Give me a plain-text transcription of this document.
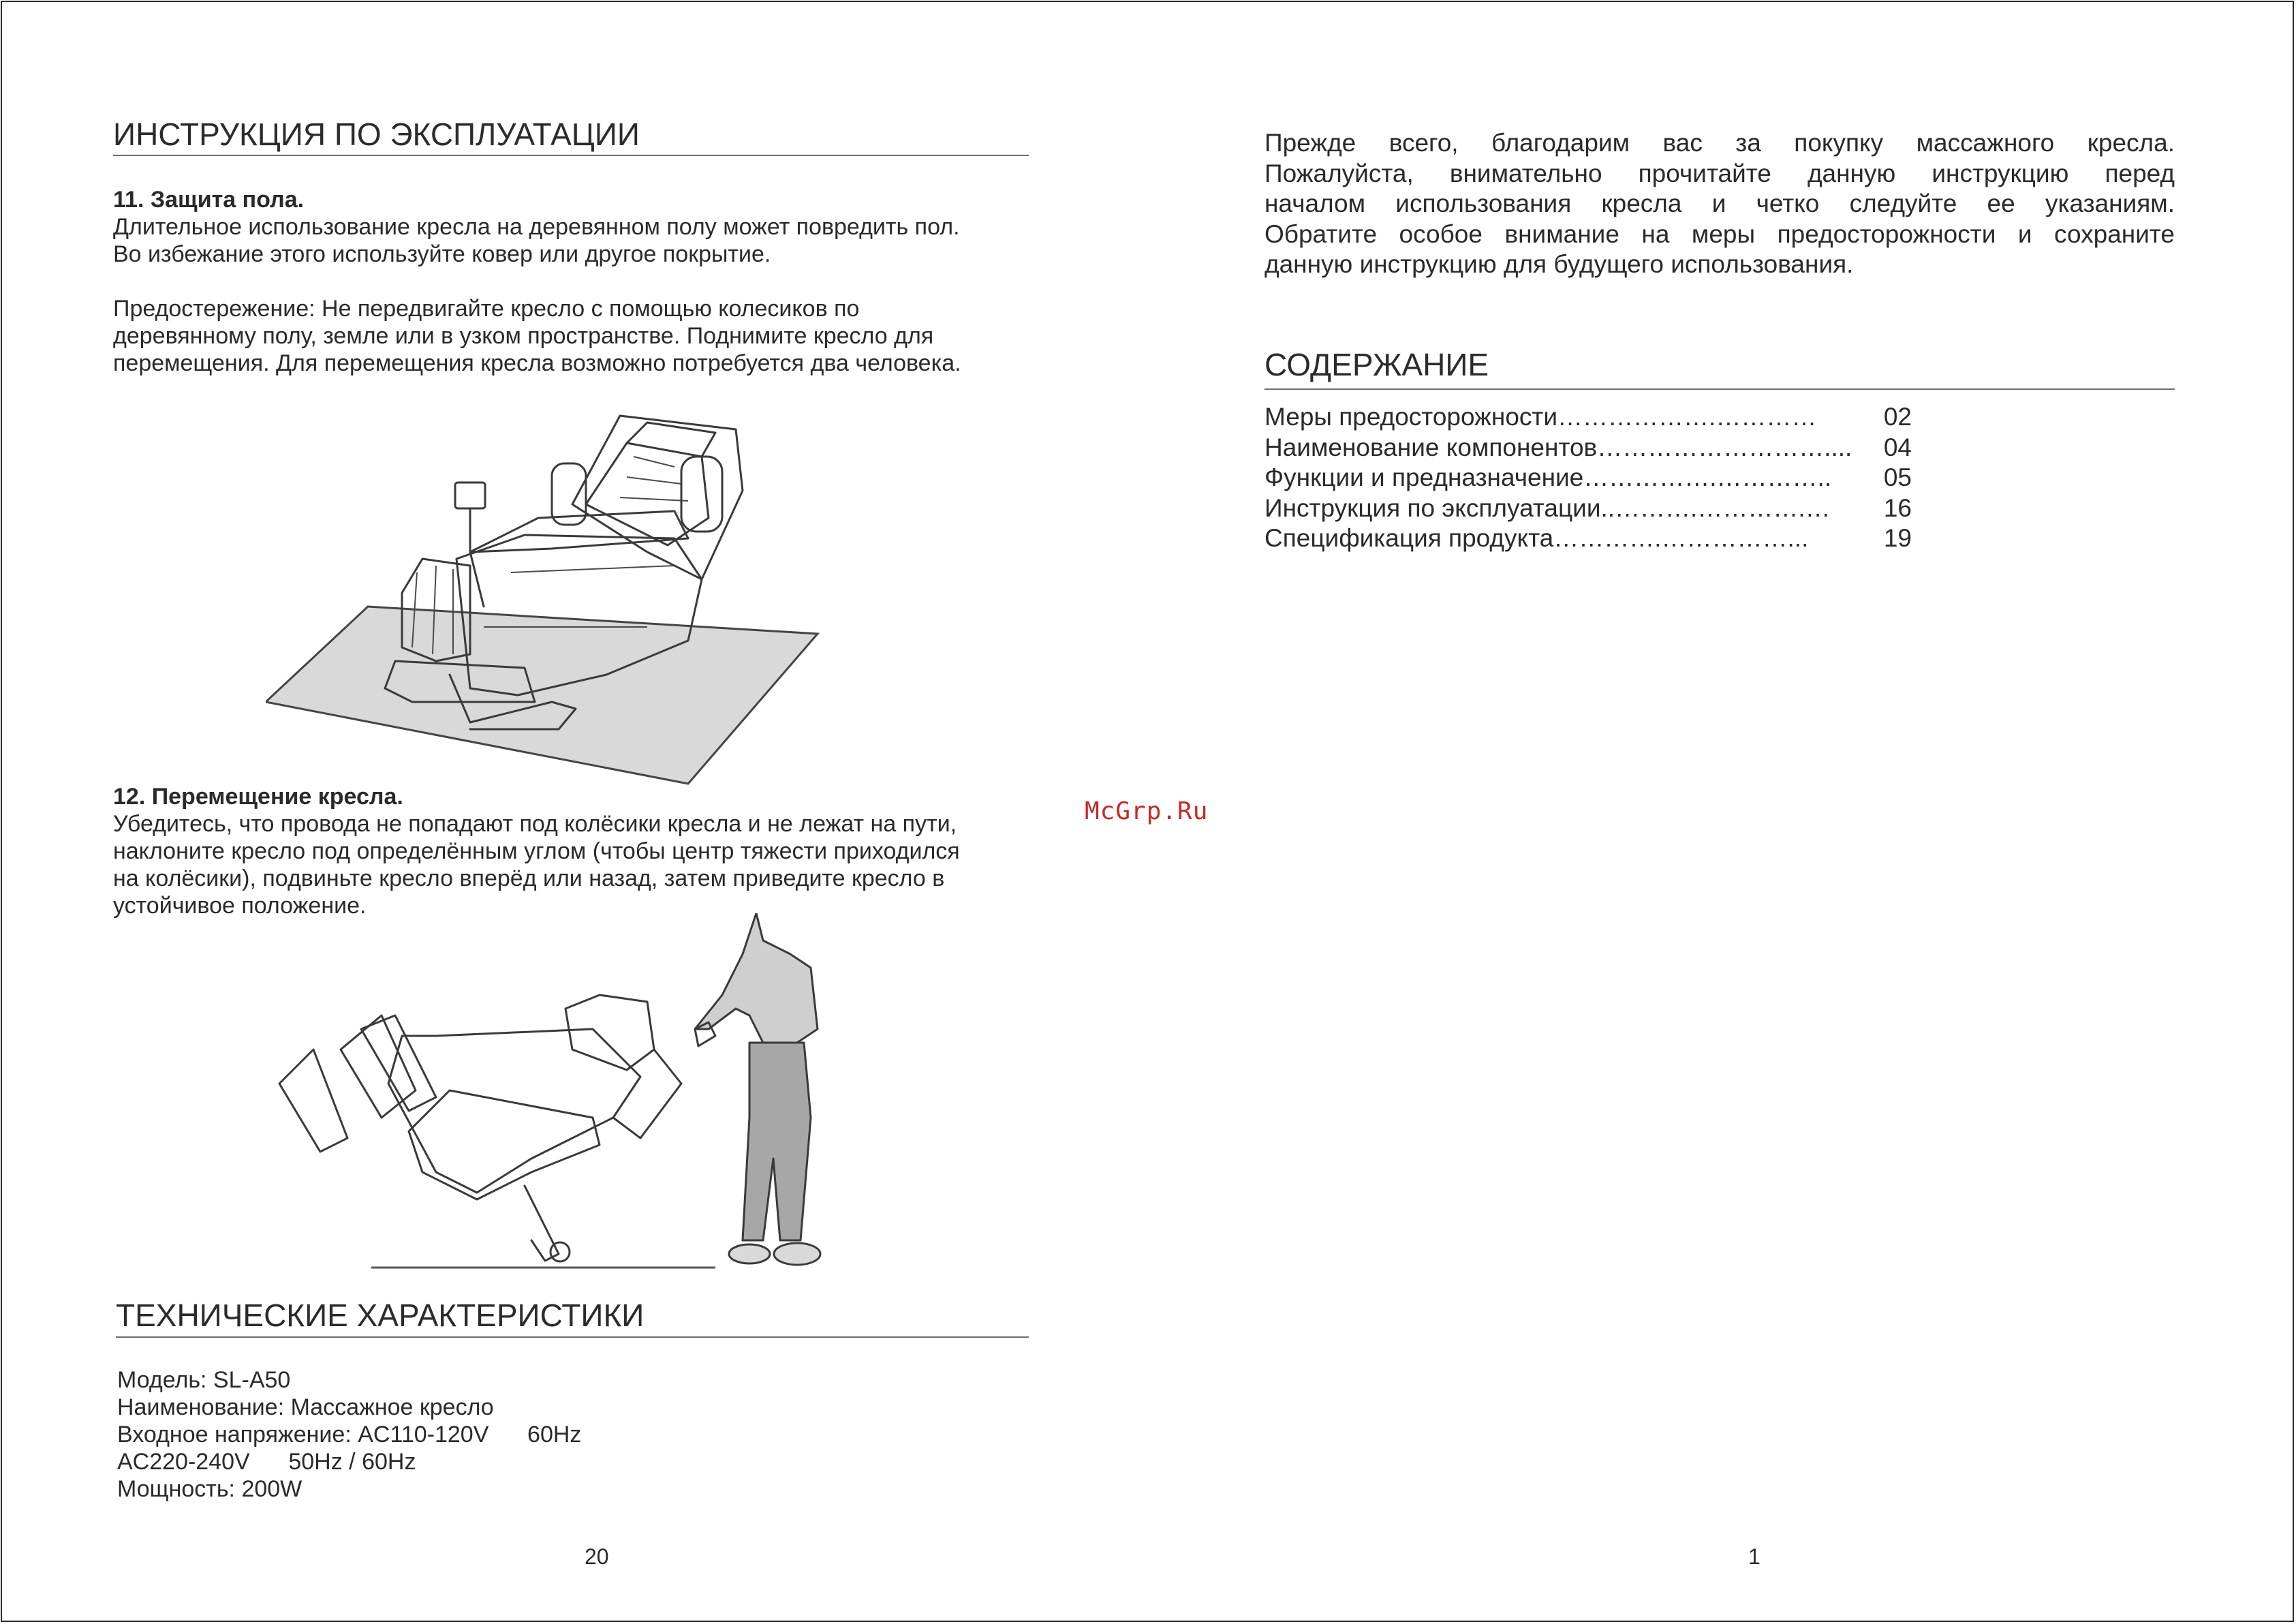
ИНСТРУКЦИЯ ПО ЭКСПЛУАТАЦИИ
11. Защита пола.
Длительное использование кресла на деревянном полу может повредить пол.
Во избежание этого используйте ковер или другое покрытие.
Предостережение: Не передвигайте кресло с помощью колесиков по
деревянному полу, земле или в узком пространстве. Поднимите кресло для
перемещения. Для перемещения кресла возможно потребуется два человека.
12. Перемещение кресла.
Убедитесь, что провода не попадают под колёсики кресла и не лежат на пути,
наклоните кресло под определённым углом (чтобы центр тяжести приходился
на колёсики), подвиньте кресло вперёд или назад, затем приведите кресло в
устойчивое положение.
ТЕХНИЧЕСКИЕ ХАРАКТЕРИСТИКИ
Модель: SL-A50
Наименование: Массажное кресло
Входное напряжение: AC110-120V      60Hz
AC220-240V      50Hz / 60Hz
Мощность: 200W
20
McGrp.Ru
Прежде всего, благодарим вас за покупку массажного кресла.
Пожалуйста, внимательно прочитайте данную инструкцию перед
началом использования кресла и четко следуйте ее указаниям.
Обратите особое внимание на меры предосторожности и сохраните
данную инструкцию для будущего использования.
СОДЕРЖАНИЕ
Меры предосторожности ……………….…………	02
Наименование компонентов ………………………....	04
Функции и предназначение …………….…………..	05
Инструкция по эксплуатации ..……….………….…	16
Спецификация продукта ………….……………...	19
1
